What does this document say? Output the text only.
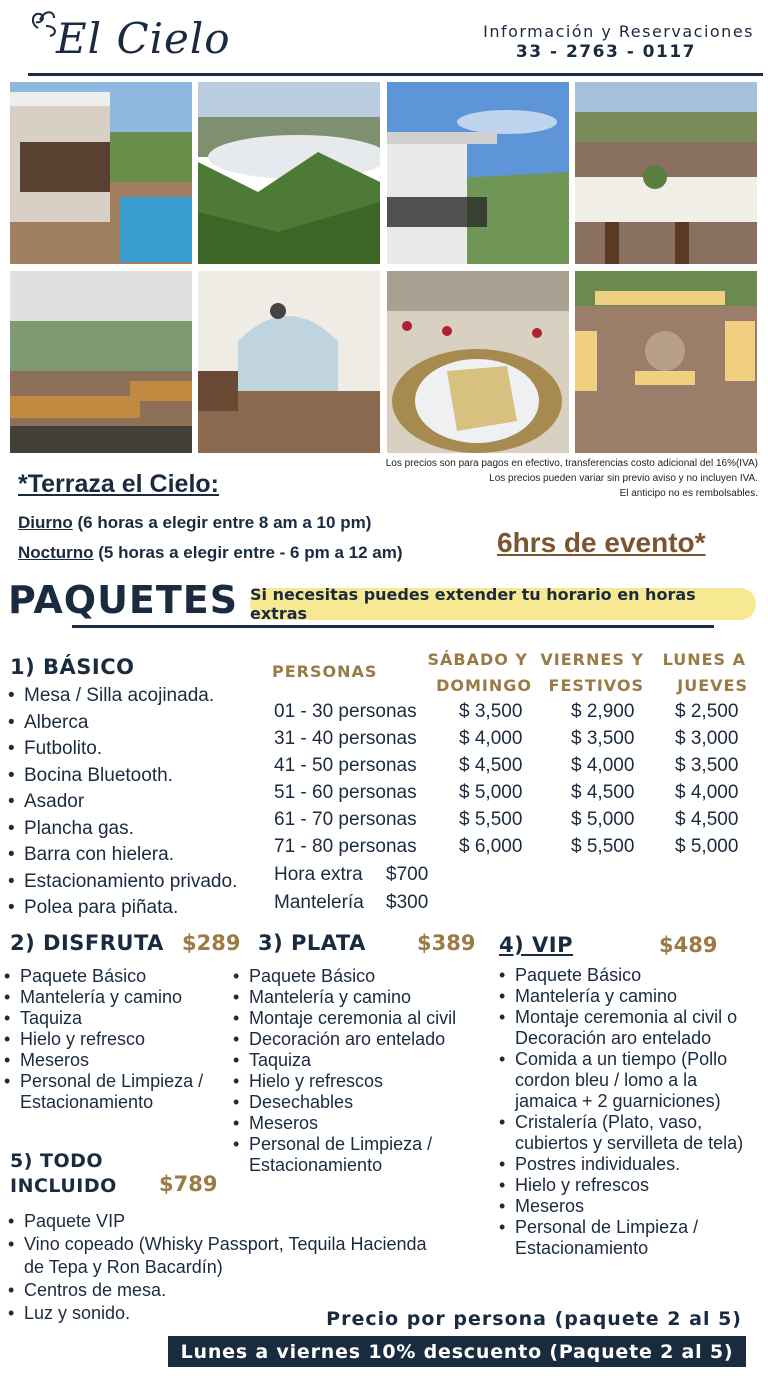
El Cielo	Información y Reservaciones
33 - 2763 - 0117
Los precios son para pagos en efectivo, transferencias costo adicional del 16%(IVA)
Los precios pueden variar sin previo aviso y no incluyen IVA.
El anticipo no es rembolsables.
*Terraza el Cielo:
Diurno (6 horas a elegir entre 8 am a 10 pm)
Nocturno (5 horas a elegir entre - 6 pm a 12 am)	6hrs de evento*
PAQUETES Si necesitas puedes extender tu horario en horas extras
1) BÁSICO
• Mesa / Silla acojinada.
• Alberca
• Futbolito.
• Bocina Bluetooth.
• Asador
• Plancha gas.
• Barra con hielera.
• Estacionamiento privado.
• Polea para piñata.
PERSONAS
SÁBADO Y
DOMINGO
VIERNES Y
FESTIVOS
LUNES A
JUEVES
01 - 30 personas $ 3,500	$ 2,900 $ 2,500
31 - 40 personas $ 4,000	$ 3,500 $ 3,000
41 - 50 personas $ 4,500	$ 4,000 $ 3,500
51 - 60 personas $ 5,000	$ 4,500 $ 4,000
61 - 70 personas $ 5,500	$ 5,000 $ 4,500
71 - 80 personas $ 6,000	$ 5,500 $ 5,000
Hora extra $700
Mantelería $300
2) DISFRUTA $289
• Paquete Básico
• Mantelería y camino
• Taquiza
• Hielo y refresco
• Meseros
• Personal de Limpieza / Estacionamiento
3) PLATA $389
• Paquete Básico
• Mantelería y camino
• Montaje ceremonia al civil
• Decoración aro entelado
• Taquiza
• Hielo y refrescos
• Desechables
• Meseros
• Personal de Limpieza / Estacionamiento
4) VIP	$489
• Paquete Básico
• Mantelería y camino
• Montaje ceremonia al civil o Decoración aro entelado
• Comida a un tiempo (Pollo cordon bleu / lomo a la jamaica + 2 guarniciones)
• Cristalería (Plato, vaso, cubiertos y servilleta de tela)
• Postres individuales.
• Hielo y refrescos
• Meseros
• Personal de Limpieza / Estacionamiento
5) TODO
INCLUIDO $789
• Paquete VIP
• Vino copeado (Whisky Passport, Tequila Hacienda de Tepa y Ron Bacardín)
• Centros de mesa.
• Luz y sonido.	Precio por persona (paquete 2 al 5)
Lunes a viernes 10% descuento (Paquete 2 al 5)
